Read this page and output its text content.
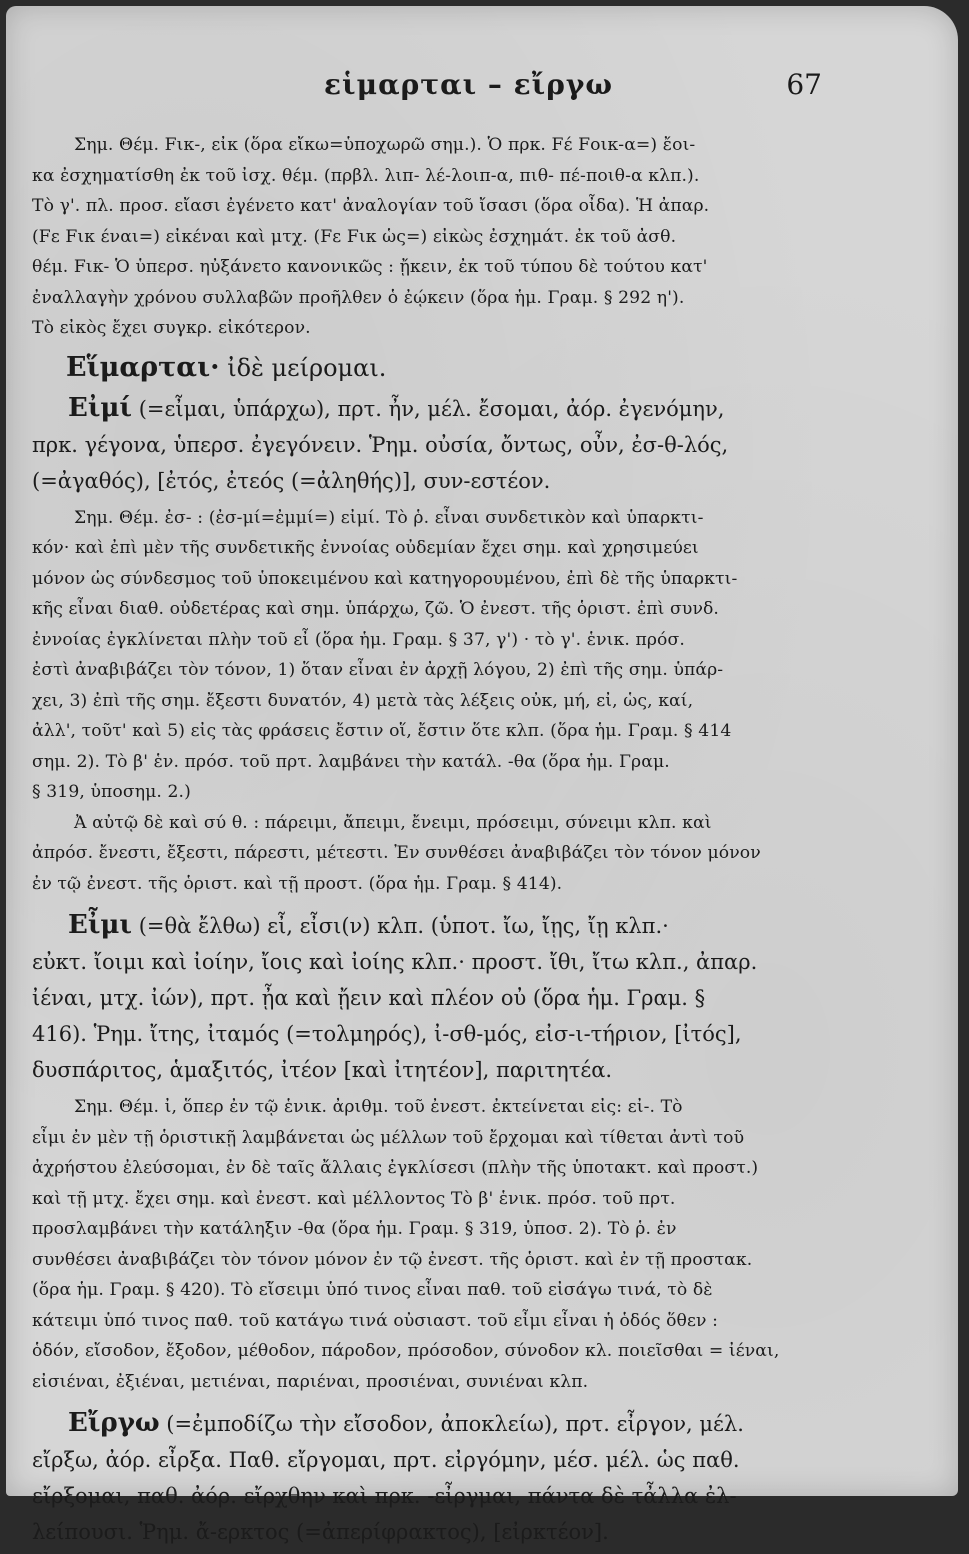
εἱμαρται – εἴργω	67
Σημ. Θέμ. Fικ-, εἰκ (ὅρα εἴκω=ὑποχωρῶ σημ.). Ὁ πρκ. Fέ Fοικ-α=) ἔοι-
κα ἐσχηματίσθη ἐκ τοῦ ἰσχ. θέμ. (πρβλ. λιπ- λέ-λοιπ-α, πιθ- πέ-ποιθ-α κλπ.).
Τὸ γ'. πλ. προσ. εἴασι ἐγένετο κατ' ἀναλογίαν τοῦ ἴσασι (ὅρα οἶδα). Ἡ ἀπαρ.
(Fε Fικ έναι=) εἰκέναι καὶ μτχ. (Fε Fικ ὡς=) εἰκὼς ἐσχημάτ. ἐκ τοῦ ἀσθ.
θέμ. Fικ- Ὁ ὑπερσ. ηὐξάνετο κανονικῶς : ᾔκειν, ἐκ τοῦ τύπου δὲ τούτου κατ'
ἐναλλαγὴν χρόνου συλλαβῶν προῆλθεν ὁ ἐῴκειν (ὅρα ἡμ. Γραμ. § 292 η').
Τὸ εἰκὸς ἔχει συγκρ. εἰκότερον.
Εἵμαρται· ἰδὲ μείρομαι.
Εἰμί (=εἶμαι, ὑπάρχω), πρτ. ἦν, μέλ. ἔσομαι, ἀόρ. ἐγενόμην,
πρκ. γέγονα, ὑπερσ. ἐγεγόνειν. Ῥημ. οὐσία, ὄντως, οὖν, ἐσ-θ-λός,
(=ἀγαθός), [ἐτός, ἐτεός (=ἀληθής)], συν-εστέον.
Σημ. Θέμ. ἐσ- : (ἐσ-μί=ἐμμί=) εἰμί. Τὸ ῥ. εἶναι συνδετικὸν καὶ ὑπαρκτι-
κόν· καὶ ἐπὶ μὲν τῆς συνδετικῆς ἐννοίας οὐδεμίαν ἔχει σημ. καὶ χρησιμεύει
μόνον ὡς σύνδεσμος τοῦ ὑποκειμένου καὶ κατηγορουμένου, ἐπὶ δὲ τῆς ὑπαρκτι-
κῆς εἶναι διαθ. οὐδετέρας καὶ σημ. ὑπάρχω, ζῶ. Ὁ ἐνεστ. τῆς ὁριστ. ἐπὶ συνδ.
ἐννοίας ἐγκλίνεται πλὴν τοῦ εἶ (ὅρα ἡμ. Γραμ. § 37, γ') · τὸ γ'. ἑνικ. πρόσ.
ἐστὶ ἀναβιβάζει τὸν τόνον, 1) ὅταν εἶναι ἐν ἀρχῇ λόγου, 2) ἐπὶ τῆς σημ. ὑπάρ-
χει, 3) ἐπὶ τῆς σημ. ἔξεστι δυνατόν, 4) μετὰ τὰς λέξεις οὐκ, μή, εἰ, ὡς, καί,
ἀλλ', τοῦτ' καὶ 5) εἰς τὰς φράσεις ἔστιν οἵ, ἔστιν ὅτε κλπ. (ὅρα ἡμ. Γραμ. § 414
σημ. 2). Τὸ β' ἑν. πρόσ. τοῦ πρτ. λαμβάνει τὴν κατάλ. -θα (ὅρα ἡμ. Γραμ.
§ 319, ὑποσημ. 2.)
Ἀ αὐτῷ δὲ καὶ σύ θ. : πάρειμι, ἄπειμι, ἔνειμι, πρόσειμι, σύνειμι κλπ. καὶ
ἀπρόσ. ἔνεστι, ἔξεστι, πάρεστι, μέτεστι. Ἐν συνθέσει ἀναβιβάζει τὸν τόνον μόνον
ἐν τῷ ἐνεστ. τῆς ὁριστ. καὶ τῇ προστ. (ὅρα ἡμ. Γραμ. § 414).
Εἶμι (=θὰ ἔλθω) εἶ, εἶσι(ν) κλπ. (ὑποτ. ἴω, ἴῃς, ἴῃ κλπ.·
εὐκτ. ἴοιμι καὶ ἰοίην, ἴοις καὶ ἰοίης κλπ.· προστ. ἴθι, ἴτω κλπ., ἀπαρ.
ἰέναι, μτχ. ἰών), πρτ. ᾖα καὶ ᾔειν καὶ πλέον οὐ (ὅρα ἡμ. Γραμ. §
416). Ῥημ. ἴτης, ἰταμός (=τολμηρός), ἰ-σθ-μός, εἰσ-ι-τήριον, [ἰτός],
δυσπάριτος, ἁμαξιτός, ἰτέον [καὶ ἰτητέον], παριτητέα.
Σημ. Θέμ. ἰ, ὅπερ ἐν τῷ ἑνικ. ἀριθμ. τοῦ ἐνεστ. ἐκτείνεται εἰς: εἰ-. Τὸ
εἶμι ἐν μὲν τῇ ὁριστικῇ λαμβάνεται ὡς μέλλων τοῦ ἔρχομαι καὶ τίθεται ἀντὶ τοῦ
ἀχρήστου ἐλεύσομαι, ἐν δὲ ταῖς ἄλλαις ἐγκλίσεσι (πλὴν τῆς ὑποτακτ. καὶ προστ.)
καὶ τῇ μτχ. ἔχει σημ. καὶ ἐνεστ. καὶ μέλλοντος Τὸ β' ἑνικ. πρόσ. τοῦ πρτ.
προσλαμβάνει τὴν κατάληξιν -θα (ὅρα ἡμ. Γραμ. § 319, ὑποσ. 2). Τὸ ῥ. ἐν
συνθέσει ἀναβιβάζει τὸν τόνον μόνον ἐν τῷ ἐνεστ. τῆς ὁριστ. καὶ ἐν τῇ προστακ.
(ὅρα ἡμ. Γραμ. § 420). Τὸ εἴσειμι ὑπό τινος εἶναι παθ. τοῦ εἰσάγω τινά, τὸ δὲ
κάτειμι ὑπό τινος παθ. τοῦ κατάγω τινά οὐσιαστ. τοῦ εἶμι εἶναι ἡ ὁδός ὅθεν :
ὁδόν, εἴσοδον, ἔξοδον, μέθοδον, πάροδον, πρόσοδον, σύνοδον κλ. ποιεῖσθαι = ἰέναι,
εἰσιέναι, ἐξιέναι, μετιέναι, παριέναι, προσιέναι, συνιέναι κλπ.
Εἴργω (=ἐμποδίζω τὴν εἴσοδον, ἀποκλείω), πρτ. εἶργον, μέλ.
εἴρξω, ἀόρ. εἶρξα. Παθ. εἴργομαι, πρτ. εἰργόμην, μέσ. μέλ. ὡς παθ.
εἴρξομαι, παθ. ἀόρ. εἴρχθην καὶ πρκ. -εἶργμαι, πάντα δὲ τἆλλα ἐλ-
λείπουσι. Ῥημ. ἄ-ερκτος (=ἀπερίφρακτος), [εἰρκτέον].
